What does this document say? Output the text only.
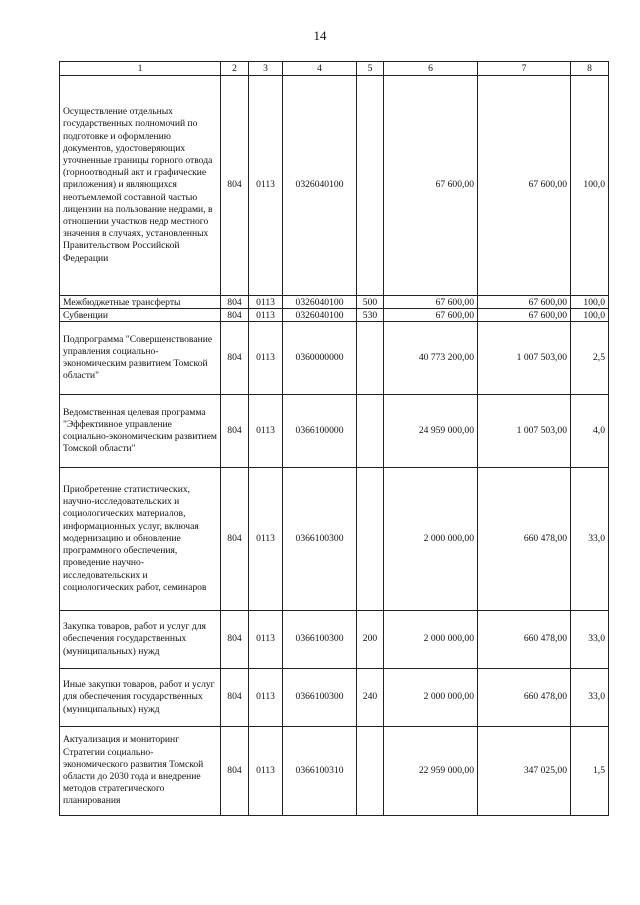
14
1	2	3	4	5	6	7	8
Осуществление отдельных государственных полномочий по подготовке и оформлению документов, удостоверяющих уточненные границы горного отвода (горноотводный акт и графические приложения) и являющихся неотъемлемой составной частью лицензии на пользование недрами, в отношении участков недр местного значения в случаях, установленных Правительством Российской Федерации	804	0113	0326040100		67 600,00	67 600,00	100,0
Межбюджетные трансферты	804	0113	0326040100	500	67 600,00	67 600,00	100,0
Субвенции	804	0113	0326040100	530	67 600,00	67 600,00	100,0
Подпрограмма "Совершенствование управления социально-экономическим развитием Томской области"	804	0113	0360000000		40 773 200,00	1 007 503,00	2,5
Ведомственная целевая программа "Эффективное управление социально-экономическим развитием Томской области"	804	0113	0366100000		24 959 000,00	1 007 503,00	4,0
Приобретение статистических, научно-исследовательских и социологических материалов, информационных услуг, включая модернизацию и обновление программного обеспечения, проведение научно-исследовательских и социологических работ, семинаров	804	0113	0366100300		2 000 000,00	660 478,00	33,0
Закупка товаров, работ и услуг для обеспечения государственных (муниципальных) нужд	804	0113	0366100300	200	2 000 000,00	660 478,00	33,0
Иные закупки товаров, работ и услуг для обеспечения государственных (муниципальных) нужд	804	0113	0366100300	240	2 000 000,00	660 478,00	33,0
Актуализация и мониторинг Стратегии социально-экономического развития Томской области до 2030 года и внедрение методов стратегического планирования	804	0113	0366100310		22 959 000,00	347 025,00	1,5
